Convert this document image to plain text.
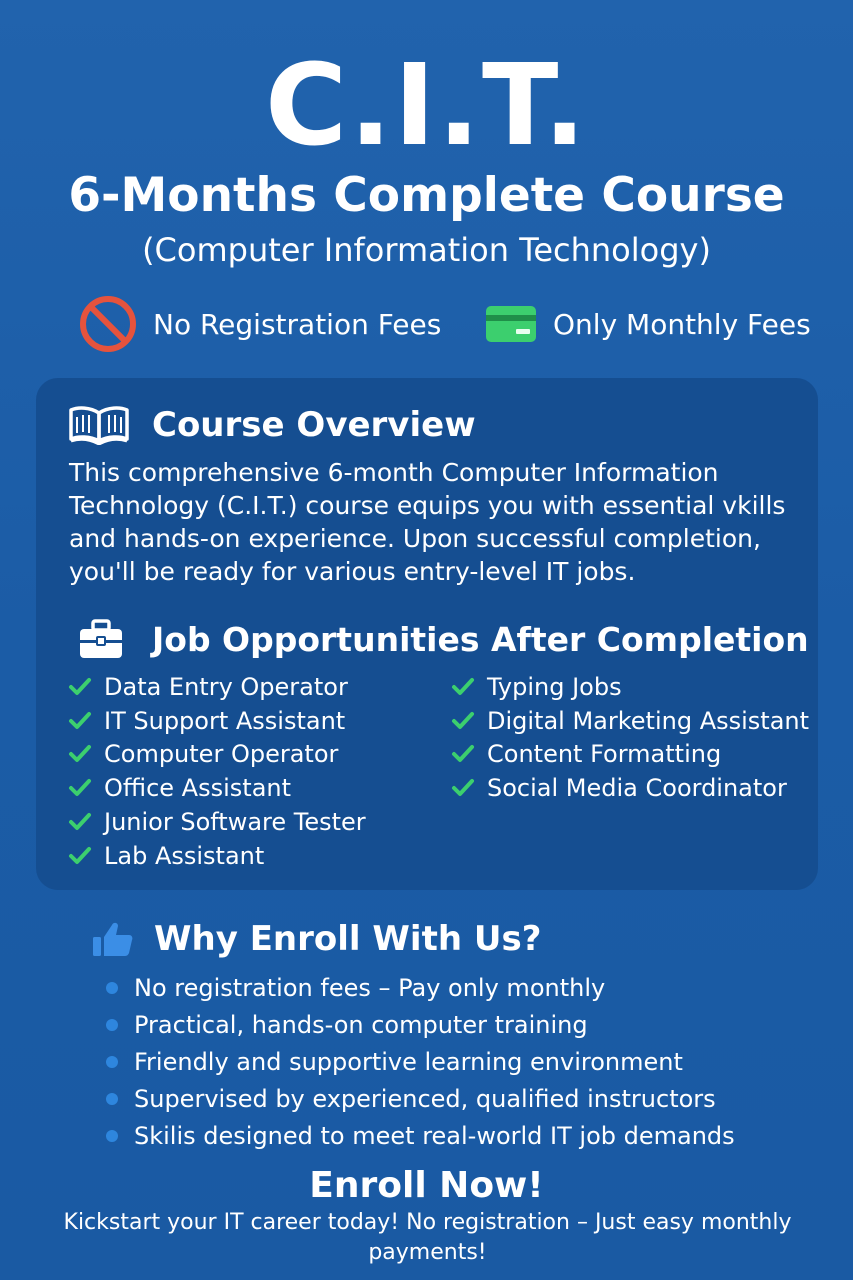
C.I.T.
6-Months Complete Course
(Computer Information Technology)
No Registration Fees	Only Monthly Fees
Course Overview
This comprehensive 6-month Computer Information
Technology (C.I.T.) course equips you with essential vkills
and hands-on experience. Upon successful completion,
you'll be ready for various entry-level IT jobs.
Job Opportunities After Completion
Data Entry Operator
IT Support Assistant
Computer Operator
Office Assistant
Junior Software Tester
Lab Assistant
Typing Jobs
Digital Marketing Assistant
Content Formatting
Social Media Coordinator
Why Enroll With Us?
No registration fees – Pay only monthly
Practical, hands-on computer training
Friendly and supportive learning environment
Supervised by experienced, qualified instructors
Skilis designed to meet real-world IT job demands
Enroll Now!
Kickstart your IT career today! No registration – Just easy monthly payments!
